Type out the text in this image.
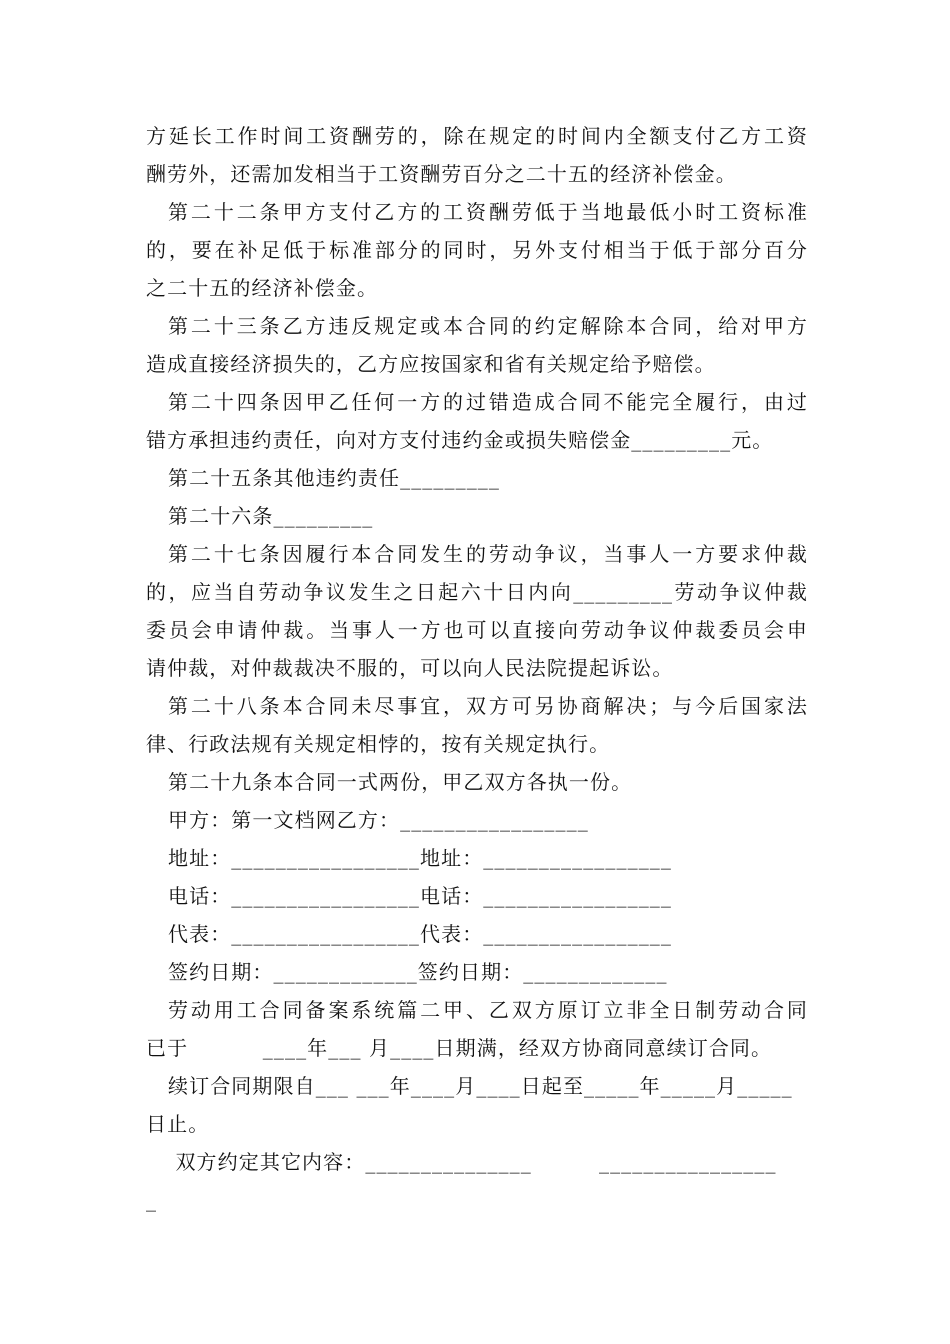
方延长工作时间工资酬劳的，除在规定的时间内全额支付乙方工资
酬劳外，还需加发相当于工资酬劳百分之二十五的经济补偿金。
第二十二条甲方支付乙方的工资酬劳低于当地最低小时工资标准
的，要在补足低于标准部分的同时，另外支付相当于低于部分百分
之二十五的经济补偿金。
第二十三条乙方违反规定或本合同的约定解除本合同，给对甲方
造成直接经济损失的，乙方应按国家和省有关规定给予赔偿。
第二十四条因甲乙任何一方的过错造成合同不能完全履行，由过
错方承担违约责任，向对方支付违约金或损失赔偿金_________元。
第二十五条其他违约责任_________
第二十六条_________
第二十七条因履行本合同发生的劳动争议，当事人一方要求仲裁
的，应当自劳动争议发生之日起六十日内向_________劳动争议仲裁
委员会申请仲裁。当事人一方也可以直接向劳动争议仲裁委员会申
请仲裁，对仲裁裁决不服的，可以向人民法院提起诉讼。
第二十八条本合同未尽事宜，双方可另协商解决；与今后国家法
律、行政法规有关规定相悖的，按有关规定执行。
第二十九条本合同一式两份，甲乙双方各执一份。
甲方：第一文档网乙方：_________________
地址：_________________地址：_________________
电话：_________________电话：_________________
代表：_________________代表：_________________
签约日期：_____________签约日期：_____________
劳动用工合同备案系统篇二甲、乙双方原订立非全日制劳动合同
已于          ____年___ 月____日期满，经双方协商同意续订合同。
续订合同期限自___ ___年____月____日起至_____年_____月_____
日止。
双方约定其它内容：_______________         ________________
_
